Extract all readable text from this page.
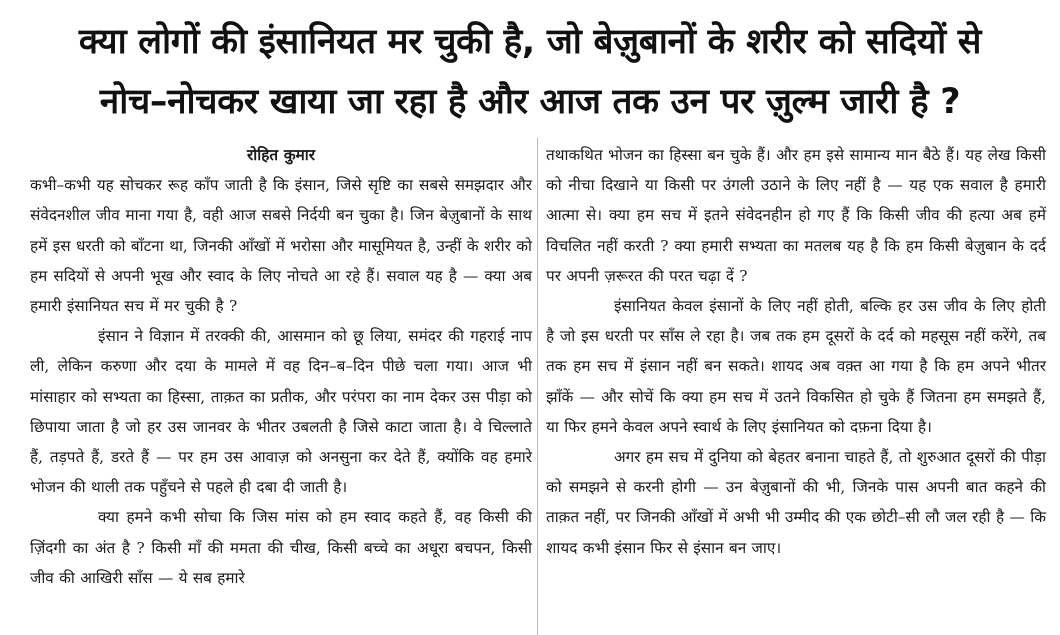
क्या लोगों की इंसानियत मर चुकी है, जो बेज़ुबानों के शरीर को सदियों से
नोच–नोचकर खाया जा रहा है और आज तक उन पर ज़ुल्म जारी है ?

रोहित कुमार

कभी–कभी यह सोचकर रूह काँप जाती है कि इंसान, जिसे सृष्टि का सबसे समझदार और संवेदनशील जीव माना गया है, वही आज सबसे निर्दयी बन चुका है। जिन बेज़ुबानों के साथ हमें इस धरती को बाँटना था, जिनकी आँखों में भरोसा और मासूमियत है, उन्हीं के शरीर को हम सदियों से अपनी भूख और स्वाद के लिए नोचते आ रहे हैं। सवाल यह है — क्या अब हमारी इंसानियत सच में मर चुकी है ?

इंसान ने विज्ञान में तरक्की की, आसमान को छू लिया, समंदर की गहराई नाप ली, लेकिन करुणा और दया के मामले में वह दिन–ब–दिन पीछे चला गया। आज भी मांसाहार को सभ्यता का हिस्सा, ताक़त का प्रतीक, और परंपरा का नाम देकर उस पीड़ा को छिपाया जाता है जो हर उस जानवर के भीतर उबलती है जिसे काटा जाता है। वे चिल्लाते हैं, तड़पते हैं, डरते हैं — पर हम उस आवाज़ को अनसुना कर देते हैं, क्योंकि वह हमारे भोजन की थाली तक पहुँचने से पहले ही दबा दी जाती है।

क्या हमने कभी सोचा कि जिस मांस को हम स्वाद कहते हैं, वह किसी की ज़िंदगी का अंत है ? किसी माँ की ममता की चीख, किसी बच्चे का अधूरा बचपन, किसी जीव की आखिरी साँस — ये सब हमारे

तथाकथित भोजन का हिस्सा बन चुके हैं। और हम इसे सामान्य मान बैठे हैं। यह लेख किसी को नीचा दिखाने या किसी पर उंगली उठाने के लिए नहीं है — यह एक सवाल है हमारी आत्मा से। क्या हम सच में इतने संवेदनहीन हो गए हैं कि किसी जीव की हत्या अब हमें विचलित नहीं करती ? क्या हमारी सभ्यता का मतलब यह है कि हम किसी बेज़ुबान के दर्द पर अपनी ज़रूरत की परत चढ़ा दें ?

इंसानियत केवल इंसानों के लिए नहीं होती, बल्कि हर उस जीव के लिए होती है जो इस धरती पर साँस ले रहा है। जब तक हम दूसरों के दर्द को महसूस नहीं करेंगे, तब तक हम सच में इंसान नहीं बन सकते। शायद अब वक़्त आ गया है कि हम अपने भीतर झाँकें — और सोचें कि क्या हम सच में उतने विकसित हो चुके हैं जितना हम समझते हैं, या फिर हमने केवल अपने स्वार्थ के लिए इंसानियत को दफ़ना दिया है।

अगर हम सच में दुनिया को बेहतर बनाना चाहते हैं, तो शुरुआत दूसरों की पीड़ा को समझने से करनी होगी — उन बेज़ुबानों की भी, जिनके पास अपनी बात कहने की ताक़त नहीं, पर जिनकी आँखों में अभी भी उम्मीद की एक छोटी–सी लौ जल रही है — कि शायद कभी इंसान फिर से इंसान बन जाए।
